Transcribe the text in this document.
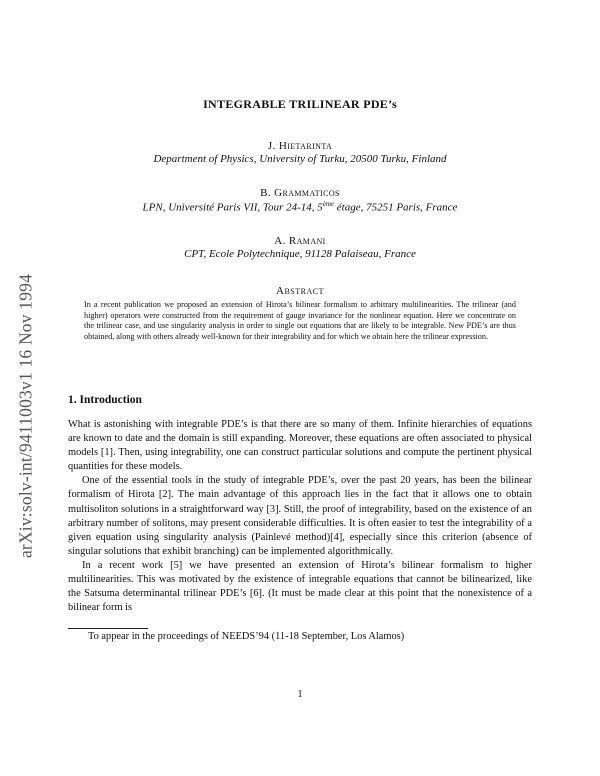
arXiv:solv-int/9411003v1 16 Nov 1994
INTEGRABLE TRILINEAR PDE’s
J. Hietarinta
Department of Physics, University of Turku, 20500 Turku, Finland
B. Grammaticos
LPN, Université Paris VII, Tour 24-14, 5ème étage, 75251 Paris, France
A. Ramani
CPT, Ecole Polytechnique, 91128 Palaiseau, France
Abstract
In a recent publication we proposed an extension of Hirota’s bilinear formalism to arbitrary multilinearities. The trilinear (and higher) operators were constructed from the requirement of gauge invariance for the nonlinear equation. Here we concentrate on the trilinear case, and use singularity analysis in order to single out equations that are likely to be integrable. New PDE’s are thus obtained, along with others already well-known for their integrability and for which we obtain here the trilinear expression.
1. Introduction

What is astonishing with integrable PDE’s is that there are so many of them. Infinite hierarchies of equations are known to date and the domain is still expanding. Moreover, these equations are often associated to physical models [1]. Then, using integrability, one can construct particular solutions and compute the pertinent physical quantities for these models.

One of the essential tools in the study of integrable PDE’s, over the past 20 years, has been the bilinear formalism of Hirota [2]. The main advantage of this approach lies in the fact that it allows one to obtain multisoliton solutions in a straightforward way [3]. Still, the proof of integrability, based on the existence of an arbitrary number of solitons, may present considerable difficulties. It is often easier to test the integrability of a given equation using singularity analysis (Painlevé method)[4], especially since this criterion (absence of singular solutions that exhibit branching) can be implemented algorithmically.

In a recent work [5] we have presented an extension of Hirota’s bilinear formalism to higher multilinearities. This was motivated by the existence of integrable equations that cannot be bilinearized, like the Satsuma determinantal trilinear PDE’s [6]. (It must be made clear at this point that the nonexistence of a bilinear form is

To appear in the proceedings of NEEDS’94 (11-18 September, Los Alamos)
1
